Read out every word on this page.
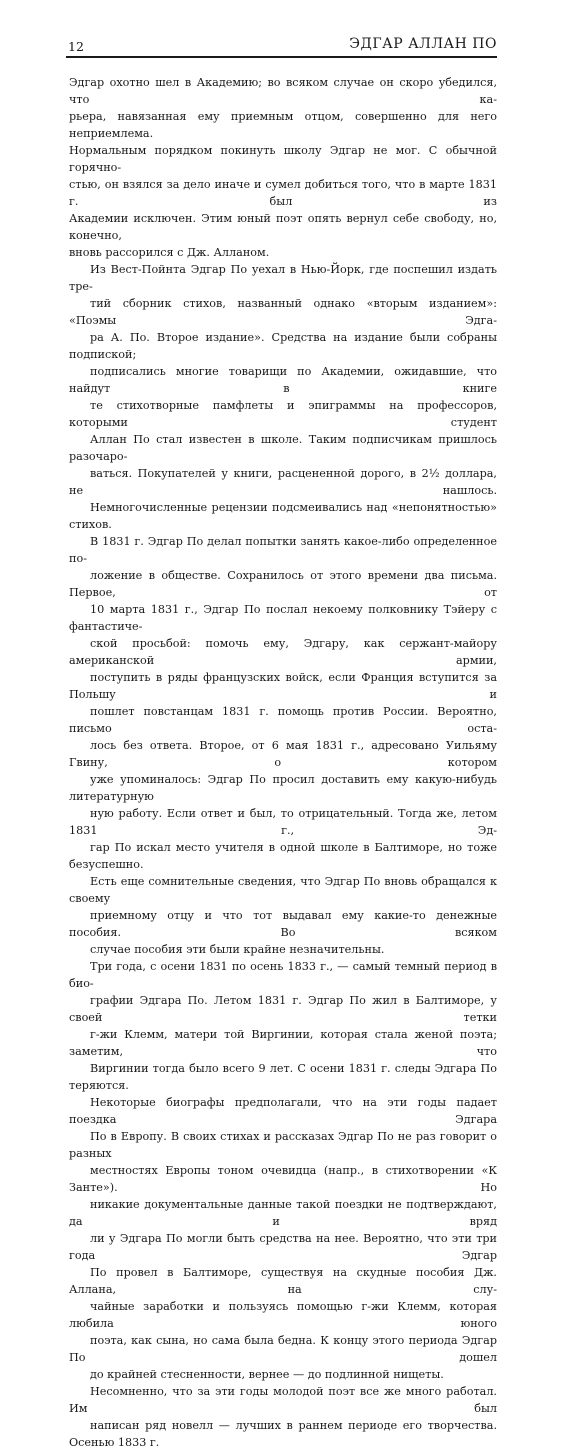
12	ЭДГАР АЛЛАН ПО
Эдгар охотно шел в Академию; во всяком случае он скоро убедился, что ка-
рьера, навязанная ему приемным отцом, совершенно для него неприемлема.
Нормальным порядком покинуть школу Эдгар не мог. С обычной горячно-
стью, он взялся за дело иначе и сумел добиться того, что в марте 1831 г. был из
Академии исключен. Этим юный поэт опять вернул себе свободу, но, конечно,
вновь рассорился с Дж. Алланом.
Из Вест-Пойнта Эдгар По уехал в Нью-Йорк, где поспешил издать тре-
тий сборник стихов, названный однако «вторым изданием»: «Поэмы Эдга-
ра А. По. Второе издание». Средства на издание были собраны подпиской;
подписались многие товарищи по Академии, ожидавшие, что найдут в книге
те стихотворные памфлеты и эпиграммы на профессоров, которыми студент
Аллан По стал известен в школе. Таким подписчикам пришлось разочаро-
ваться. Покупателей у книги, расцененной дорого, в 2½ доллара, не нашлось.
Немногочисленные рецензии подсмеивались над «непонятностью» стихов.
В 1831 г. Эдгар По делал попытки занять какое-либо определенное по-
ложение в обществе. Сохранилось от этого времени два письма. Первое, от
10 марта 1831 г., Эдгар По послал некоему полковнику Тэйеру с фантастиче-
ской просьбой: помочь ему, Эдгару, как сержант-майору американской армии,
поступить в ряды французских войск, если Франция вступится за Польшу и
пошлет повстанцам 1831 г. помощь против России. Вероятно, письмо оста-
лось без ответа. Второе, от 6 мая 1831 г., адресовано Уильяму Гвину, о котором
уже упоминалось: Эдгар По просил доставить ему какую-нибудь литературную
ную работу. Если ответ и был, то отрицательный. Тогда же, летом 1831 г., Эд-
гар По искал место учителя в одной школе в Балтиморе, но тоже безуспешно.
Есть еще сомнительные сведения, что Эдгар По вновь обращался к своему
приемному отцу и что тот выдавал ему какие-то денежные пособия. Во всяком
случае пособия эти были крайне незначительны.
Три года, с осени 1831 по осень 1833 г., — самый темный период в био-
графии Эдгара По. Летом 1831 г. Эдгар По жил в Балтиморе, у своей тетки
г-жи Клемм, матери той Виргинии, которая стала женой поэта; заметим, что
Виргинии тогда было всего 9 лет. С осени 1831 г. следы Эдгара По теряются.
Некоторые биографы предполагали, что на эти годы падает поездка Эдгара
По в Европу. В своих стихах и рассказах Эдгар По не раз говорит о разных
местностях Европы тоном очевидца (напр., в стихотворении «К Занте»). Но
никакие документальные данные такой поездки не подтверждают, да и вряд
ли у Эдгара По могли быть средства на нее. Вероятно, что эти три года Эдгар
По провел в Балтиморе, существуя на скудные пособия Дж. Аллана, на слу-
чайные заработки и пользуясь помощью г-жи Клемм, которая любила юного
поэта, как сына, но сама была бедна. К концу этого периода Эдгар По дошел
до крайней стесненности, вернее — до подлинной нищеты.
Несомненно, что за эти годы молодой поэт все же много работал. Им был
написан ряд новелл — лучших в раннем периоде его творчества. Осенью 1833 г.
